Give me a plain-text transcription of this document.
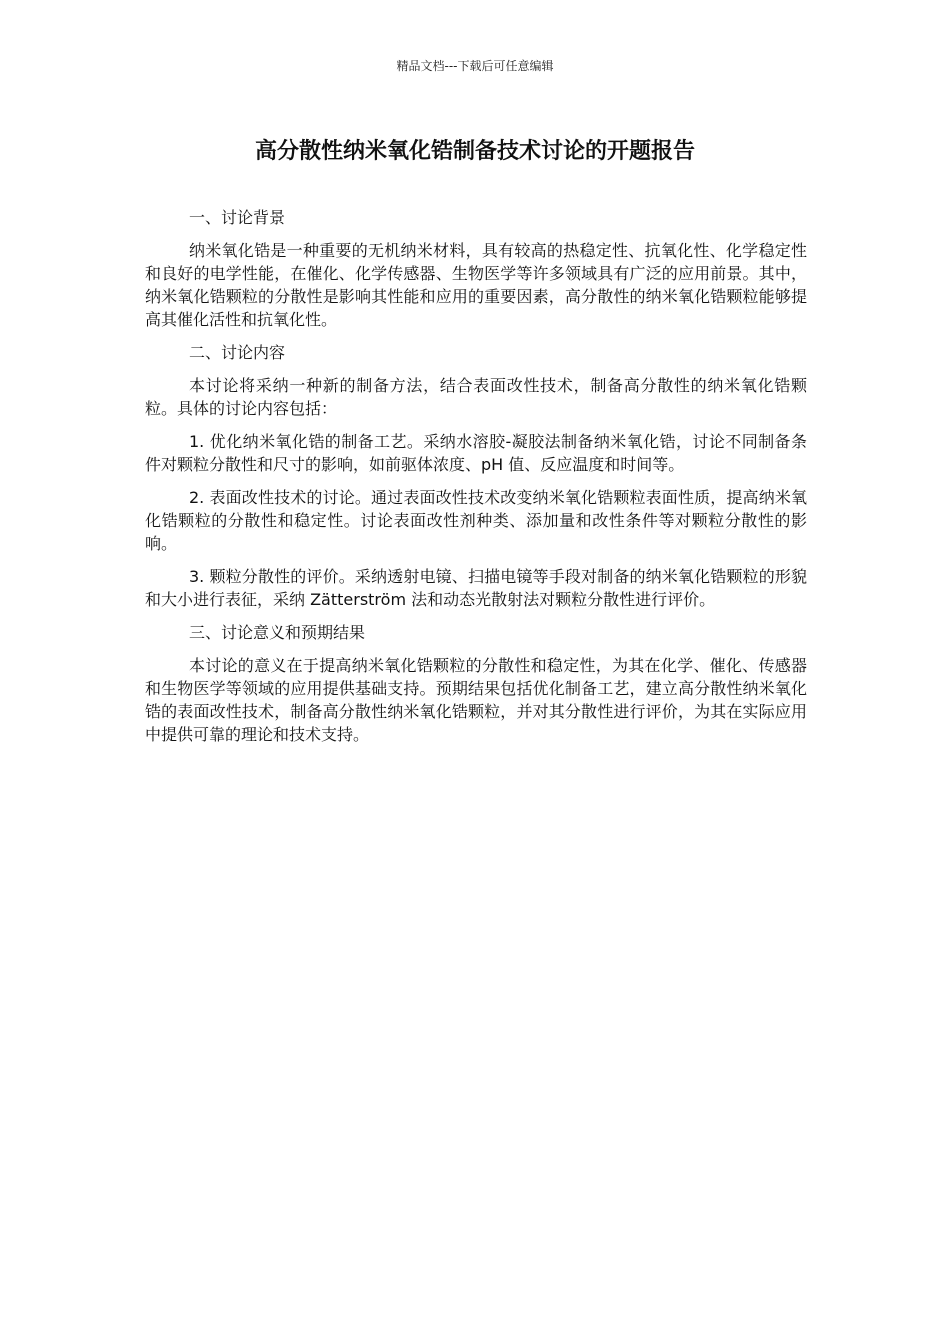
精品文档---下载后可任意编辑
高分散性纳米氧化锆制备技术讨论的开题报告

一、讨论背景

纳米氧化锆是一种重要的无机纳米材料，具有较高的热稳定性、抗氧化性、化学稳定性和良好的电学性能，在催化、化学传感器、生物医学等许多领域具有广泛的应用前景。其中，纳米氧化锆颗粒的分散性是影响其性能和应用的重要因素，高分散性的纳米氧化锆颗粒能够提高其催化活性和抗氧化性。

二、讨论内容

本讨论将采纳一种新的制备方法，结合表面改性技术，制备高分散性的纳米氧化锆颗粒。具体的讨论内容包括：

1. 优化纳米氧化锆的制备工艺。采纳水溶胶-凝胶法制备纳米氧化锆，讨论不同制备条件对颗粒分散性和尺寸的影响，如前驱体浓度、pH 值、反应温度和时间等。

2. 表面改性技术的讨论。通过表面改性技术改变纳米氧化锆颗粒表面性质，提高纳米氧化锆颗粒的分散性和稳定性。讨论表面改性剂种类、添加量和改性条件等对颗粒分散性的影响。

3. 颗粒分散性的评价。采纳透射电镜、扫描电镜等手段对制备的纳米氧化锆颗粒的形貌和大小进行表征，采纳 Zätterström 法和动态光散射法对颗粒分散性进行评价。

三、讨论意义和预期结果

本讨论的意义在于提高纳米氧化锆颗粒的分散性和稳定性，为其在化学、催化、传感器和生物医学等领域的应用提供基础支持。预期结果包括优化制备工艺，建立高分散性纳米氧化锆的表面改性技术，制备高分散性纳米氧化锆颗粒，并对其分散性进行评价，为其在实际应用中提供可靠的理论和技术支持。
